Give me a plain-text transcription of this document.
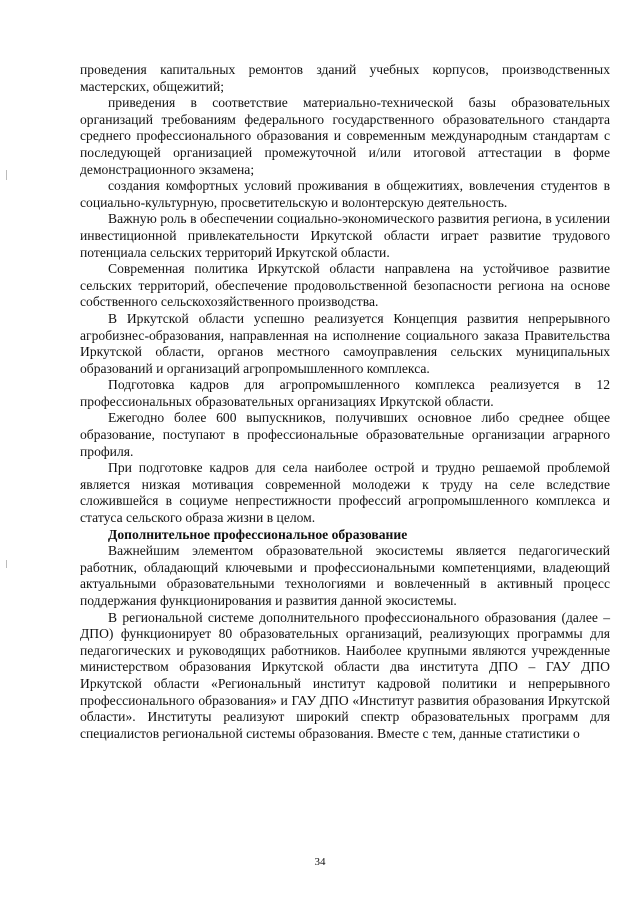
проведения капитальных ремонтов зданий учебных корпусов, производственных мастерских, общежитий;

приведения в соответствие материально-технической базы образовательных организаций требованиям федерального государственного образовательного стандарта среднего профессионального образования и современным международным стандартам с последующей организацией промежуточной и/или итоговой аттестации в форме демонстрационного экзамена;

создания комфортных условий проживания в общежитиях, вовлечения студентов в социально-культурную, просветительскую и волонтерскую деятельность.

Важную роль в обеспечении социально-экономического развития региона, в усилении инвестиционной привлекательности Иркутской области играет развитие трудового потенциала сельских территорий Иркутской области.

Современная политика Иркутской области направлена на устойчивое развитие сельских территорий, обеспечение продовольственной безопасности региона на основе собственного сельскохозяйственного производства.

В Иркутской области успешно реализуется Концепция развития непрерывного агробизнес-образования, направленная на исполнение социального заказа Правительства Иркутской области, органов местного самоуправления сельских муниципальных образований и организаций агропромышленного комплекса.

Подготовка кадров для агропромышленного комплекса реализуется в 12 профессиональных образовательных организациях Иркутской области.

Ежегодно более 600 выпускников, получивших основное либо среднее общее образование, поступают в профессиональные образовательные организации аграрного профиля.

При подготовке кадров для села наиболее острой и трудно решаемой проблемой является низкая мотивация современной молодежи к труду на селе вследствие сложившейся в социуме непрестижности профессий агропромышленного комплекса и статуса сельского образа жизни в целом.

Дополнительное профессиональное образование

Важнейшим элементом образовательной экосистемы является педагогический работник, обладающий ключевыми и профессиональными компетенциями, владеющий актуальными образовательными технологиями и вовлеченный в активный процесс поддержания функционирования и развития данной экосистемы.

В региональной системе дополнительного профессионального образования (далее – ДПО) функционирует 80 образовательных организаций, реализующих программы для педагогических и руководящих работников. Наиболее крупными являются учрежденные министерством образования Иркутской области два института ДПО – ГАУ ДПО Иркутской области «Региональный институт кадровой политики и непрерывного профессионального образования» и ГАУ ДПО «Институт развития образования Иркутской области». Институты реализуют широкий спектр образовательных программ для специалистов региональной системы образования. Вместе с тем, данные статистики о

34
